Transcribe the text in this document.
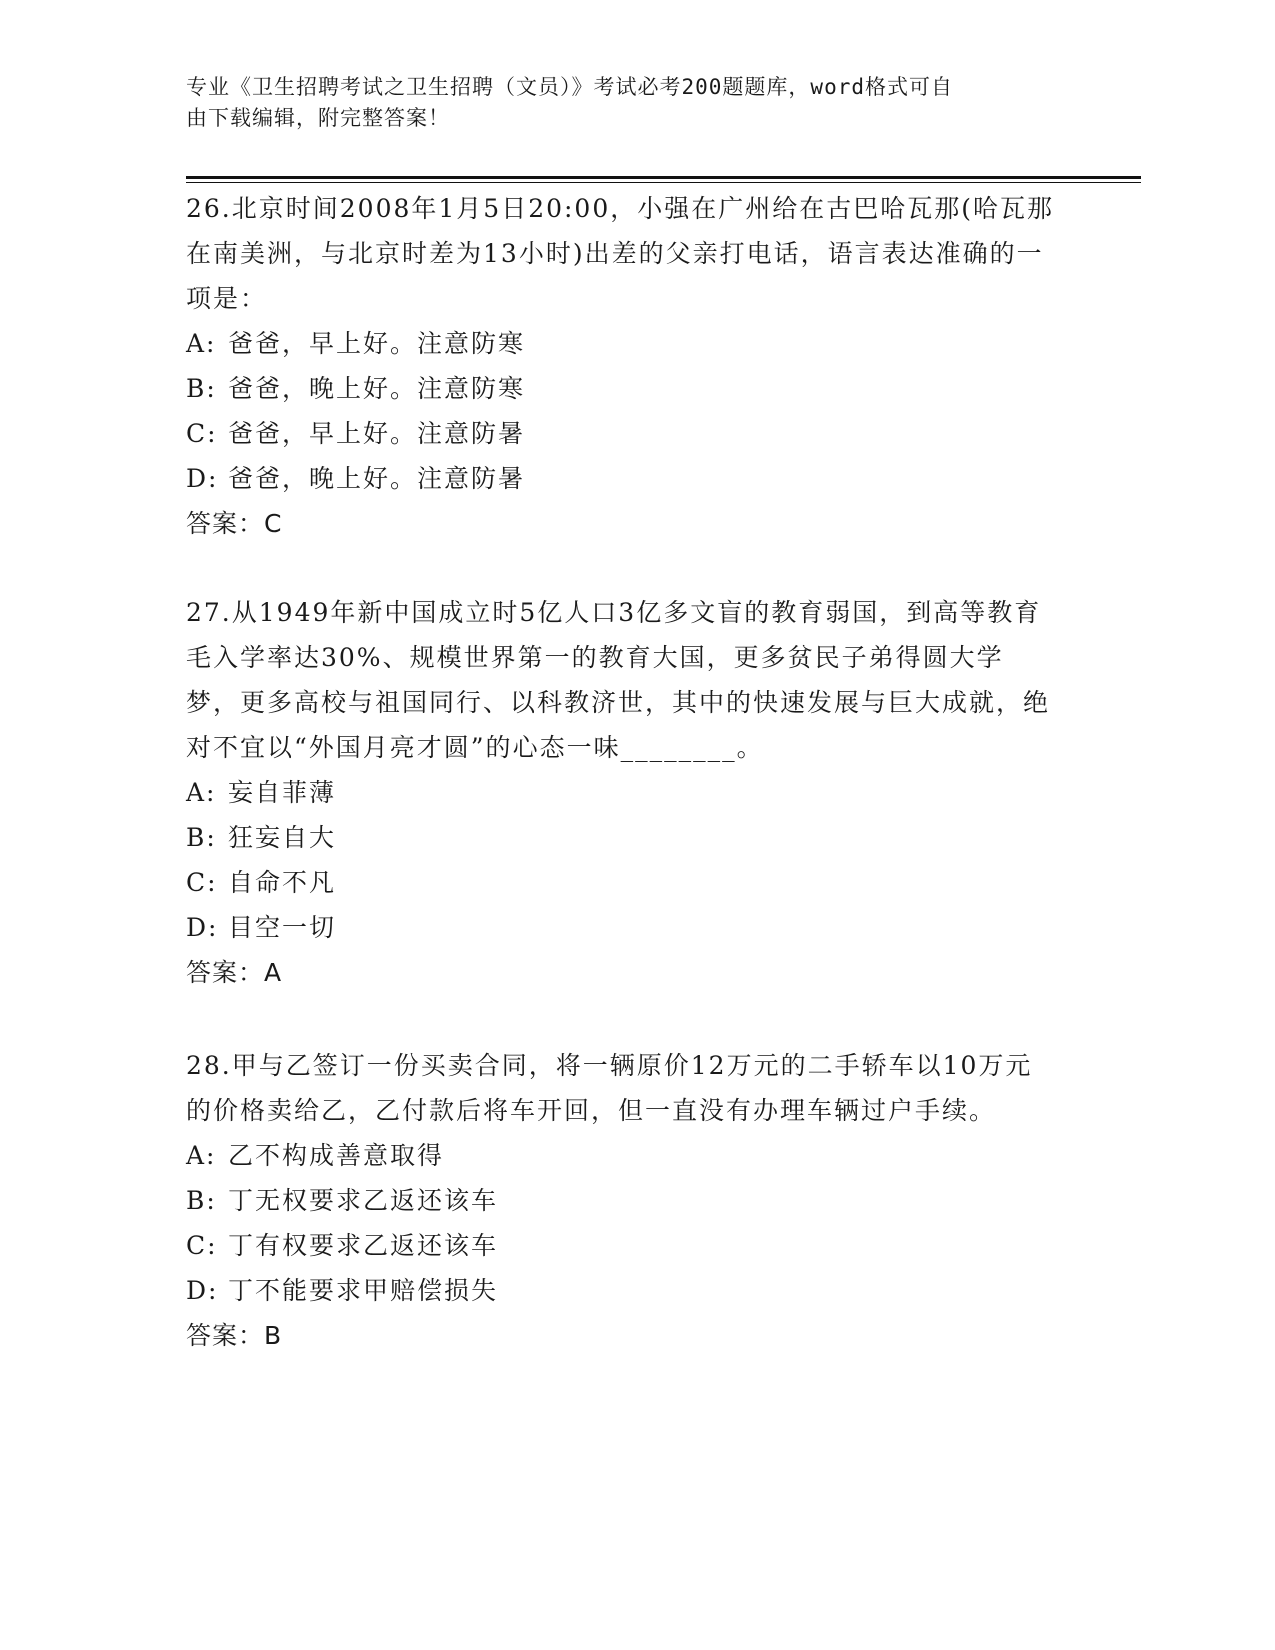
专业《卫生招聘考试之卫生招聘（文员）》考试必考200题题库，word格式可自
由下载编辑，附完整答案！
26.北京时间2008年1月5日20:00，小强在广州给在古巴哈瓦那(哈瓦那在南美洲，与北京时差为13小时)出差的父亲打电话，语言表达准确的一项是：
A: 爸爸，早上好。注意防寒
B: 爸爸，晚上好。注意防寒
C: 爸爸，早上好。注意防暑
D: 爸爸，晚上好。注意防暑
答案：C
27.从1949年新中国成立时5亿人口3亿多文盲的教育弱国，到高等教育毛入学率达30%、规模世界第一的教育大国，更多贫民子弟得圆大学梦，更多高校与祖国同行、以科教济世，其中的快速发展与巨大成就，绝对不宜以“外国月亮才圆”的心态一味________。
A: 妄自菲薄
B: 狂妄自大
C: 自命不凡
D: 目空一切
答案：A
28.甲与乙签订一份买卖合同，将一辆原价12万元的二手轿车以10万元的价格卖给乙，乙付款后将车开回，但一直没有办理车辆过户手续。
A: 乙不构成善意取得
B: 丁无权要求乙返还该车
C: 丁有权要求乙返还该车
D: 丁不能要求甲赔偿损失
答案：B
